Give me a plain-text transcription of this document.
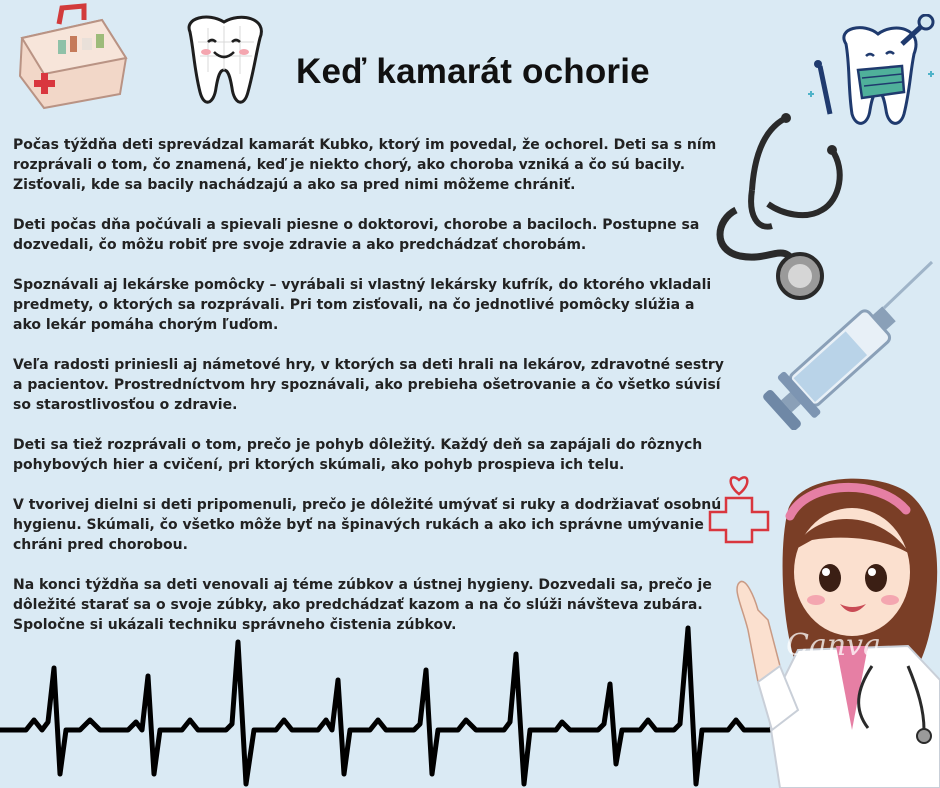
Keď kamarát ochorie

Počas týždňa deti sprevádzal kamarát Kubko, ktorý im povedal, že ochorel. Deti sa s ním rozprávali o tom, čo znamená, keď je niekto chorý, ako choroba vzniká a čo sú bacily. Zisťovali, kde sa bacily nachádzajú a ako sa pred nimi môžeme chrániť.

Deti počas dňa počúvali a spievali piesne o doktorovi, chorobe a baciloch. Postupne sa dozvedali, čo môžu robiť pre svoje zdravie a ako predchádzať chorobám.

Spoznávali aj lekárske pomôcky – vyrábali si vlastný lekársky kufrík, do ktorého vkladali predmety, o ktorých sa rozprávali. Pri tom zisťovali, na čo jednotlivé pomôcky slúžia a ako lekár pomáha chorým ľuďom.

Veľa radosti priniesli aj námetové hry, v ktorých sa deti hrali na lekárov, zdravotné sestry a pacientov. Prostredníctvom hry spoznávali, ako prebieha ošetrovanie a čo všetko súvisí so starostlivosťou o zdravie.

Deti sa tiež rozprávali o tom, prečo je pohyb dôležitý. Každý deň sa zapájali do rôznych pohybových hier a cvičení, pri ktorých skúmali, ako pohyb prospieva ich telu.

V tvorivej dielni si deti pripomenuli, prečo je dôležité umývať si ruky a dodržiavať osobnú hygienu. Skúmali, čo všetko môže byť na špinavých rukách a ako ich správne umývanie chráni pred chorobou.

Na konci týždňa sa deti venovali aj téme zúbkov a ústnej hygieny. Dozvedali sa, prečo je dôležité starať sa o svoje zúbky, ako predchádzať kazom a na čo slúži návšteva zubára. Spoločne si ukázali techniku správneho čistenia zúbkov.

Canva
